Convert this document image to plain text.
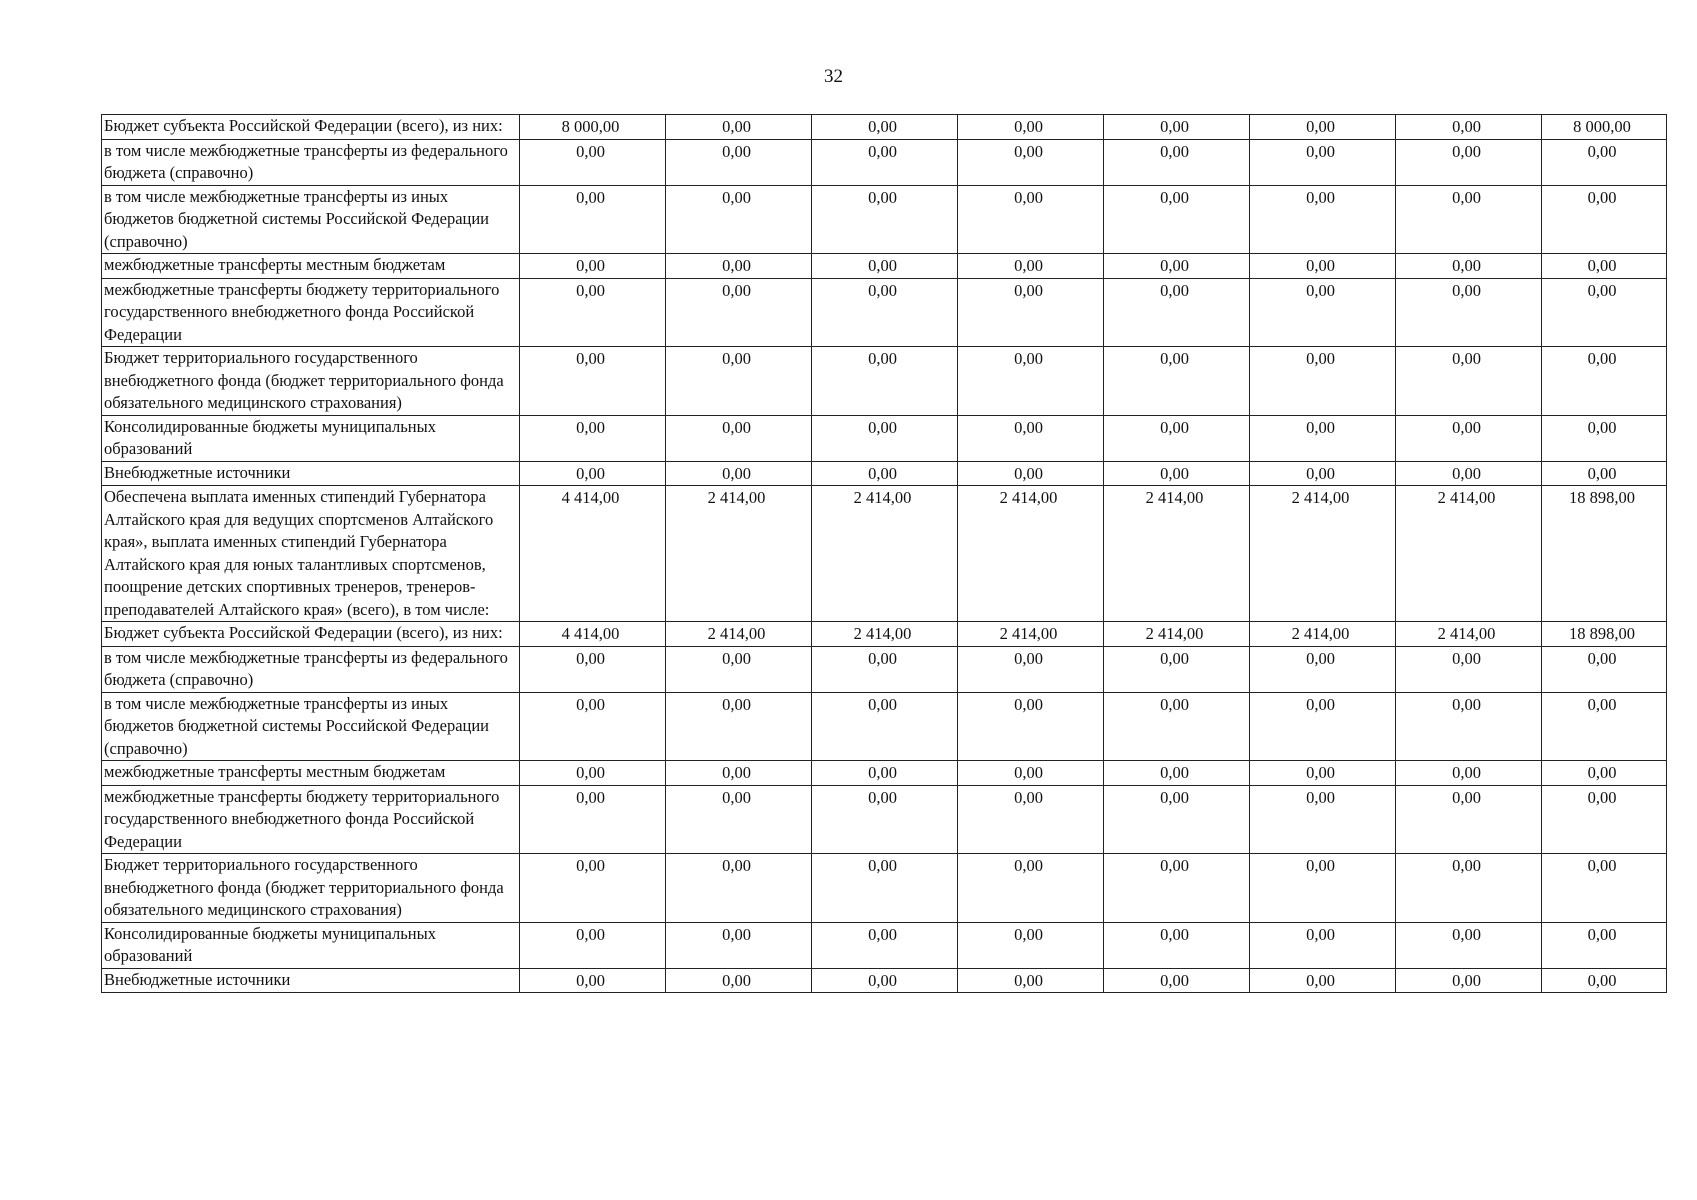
32
Бюджет субъекта Российской Федерации (всего), из них:	8 000,00	0,00	0,00	0,00	0,00	0,00	0,00	8 000,00
в том числе межбюджетные трансферты из федерального бюджета (справочно)	0,00	0,00	0,00	0,00	0,00	0,00	0,00	0,00
в том числе межбюджетные трансферты из иных бюджетов бюджетной системы Российской Федерации (справочно)	0,00	0,00	0,00	0,00	0,00	0,00	0,00	0,00
межбюджетные трансферты местным бюджетам	0,00	0,00	0,00	0,00	0,00	0,00	0,00	0,00
межбюджетные трансферты бюджету территориального государственного внебюджетного фонда Российской Федерации	0,00	0,00	0,00	0,00	0,00	0,00	0,00	0,00
Бюджет территориального государственного внебюджетного фонда (бюджет территориального фонда обязательного медицинского страхования)	0,00	0,00	0,00	0,00	0,00	0,00	0,00	0,00
Консолидированные бюджеты муниципальных образований	0,00	0,00	0,00	0,00	0,00	0,00	0,00	0,00
Внебюджетные источники	0,00	0,00	0,00	0,00	0,00	0,00	0,00	0,00
Обеспечена выплата именных стипендий Губернатора Алтайского края для ведущих спортсменов Алтайского края», выплата именных стипендий Губернатора Алтайского края для юных талантливых спортсменов, поощрение детских спортивных тренеров, тренеров-преподавателей Алтайского края» (всего), в том числе:	4 414,00	2 414,00	2 414,00	2 414,00	2 414,00	2 414,00	2 414,00	18 898,00
Бюджет субъекта Российской Федерации (всего), из них:	4 414,00	2 414,00	2 414,00	2 414,00	2 414,00	2 414,00	2 414,00	18 898,00
в том числе межбюджетные трансферты из федерального бюджета (справочно)	0,00	0,00	0,00	0,00	0,00	0,00	0,00	0,00
в том числе межбюджетные трансферты из иных бюджетов бюджетной системы Российской Федерации (справочно)	0,00	0,00	0,00	0,00	0,00	0,00	0,00	0,00
межбюджетные трансферты местным бюджетам	0,00	0,00	0,00	0,00	0,00	0,00	0,00	0,00
межбюджетные трансферты бюджету территориального государственного внебюджетного фонда Российской Федерации	0,00	0,00	0,00	0,00	0,00	0,00	0,00	0,00
Бюджет территориального государственного внебюджетного фонда (бюджет территориального фонда обязательного медицинского страхования)	0,00	0,00	0,00	0,00	0,00	0,00	0,00	0,00
Консолидированные бюджеты муниципальных образований	0,00	0,00	0,00	0,00	0,00	0,00	0,00	0,00
Внебюджетные источники	0,00	0,00	0,00	0,00	0,00	0,00	0,00	0,00
